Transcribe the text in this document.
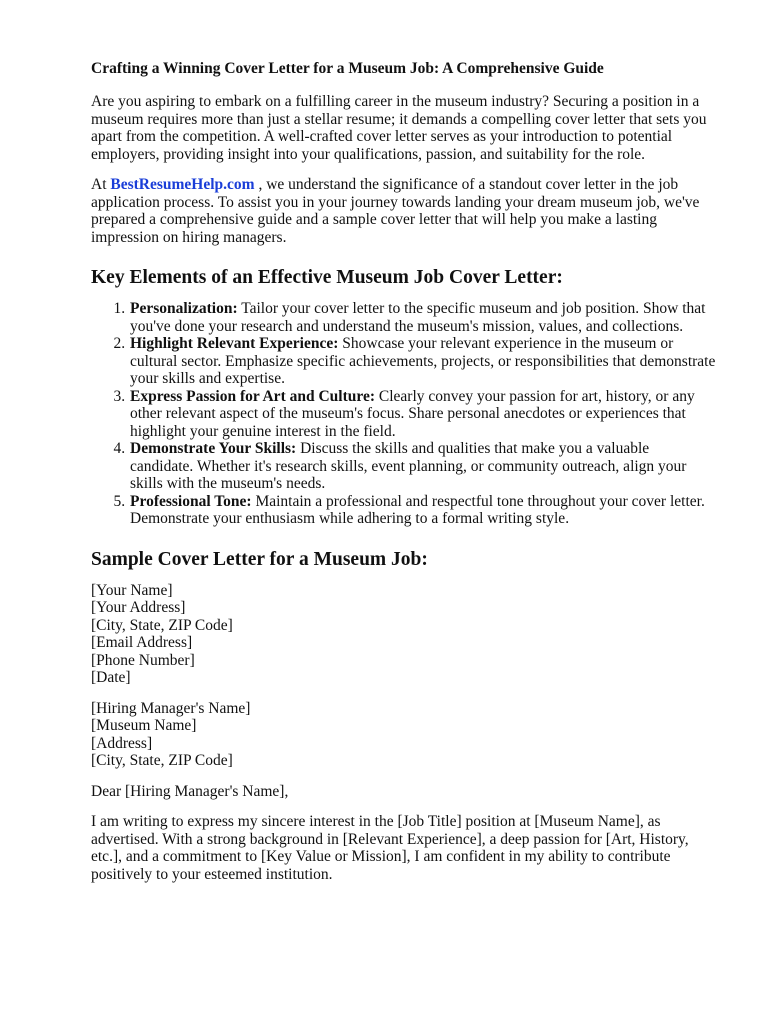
Crafting a Winning Cover Letter for a Museum Job: A Comprehensive Guide

Are you aspiring to embark on a fulfilling career in the museum industry? Securing a position in a museum requires more than just a stellar resume; it demands a compelling cover letter that sets you apart from the competition. A well-crafted cover letter serves as your introduction to potential employers, providing insight into your qualifications, passion, and suitability for the role.

At BestResumeHelp.com , we understand the significance of a standout cover letter in the job application process. To assist you in your journey towards landing your dream museum job, we've prepared a comprehensive guide and a sample cover letter that will help you make a lasting impression on hiring managers.

Key Elements of an Effective Museum Job Cover Letter:
1. Personalization: Tailor your cover letter to the specific museum and job position. Show that you've done your research and understand the museum's mission, values, and collections.
2. Highlight Relevant Experience: Showcase your relevant experience in the museum or cultural sector. Emphasize specific achievements, projects, or responsibilities that demonstrate your skills and expertise.
3. Express Passion for Art and Culture: Clearly convey your passion for art, history, or any other relevant aspect of the museum's focus. Share personal anecdotes or experiences that highlight your genuine interest in the field.
4. Demonstrate Your Skills: Discuss the skills and qualities that make you a valuable candidate. Whether it's research skills, event planning, or community outreach, align your skills with the museum's needs.
5. Professional Tone: Maintain a professional and respectful tone throughout your cover letter. Demonstrate your enthusiasm while adhering to a formal writing style.
Sample Cover Letter for a Museum Job:
[Your Name]
[Your Address]
[City, State, ZIP Code]
[Email Address]
[Phone Number]
[Date]
[Hiring Manager's Name]
[Museum Name]
[Address]
[City, State, ZIP Code]

Dear [Hiring Manager's Name],

I am writing to express my sincere interest in the [Job Title] position at [Museum Name], as advertised. With a strong background in [Relevant Experience], a deep passion for [Art, History, etc.], and a commitment to [Key Value or Mission], I am confident in my ability to contribute positively to your esteemed institution.
